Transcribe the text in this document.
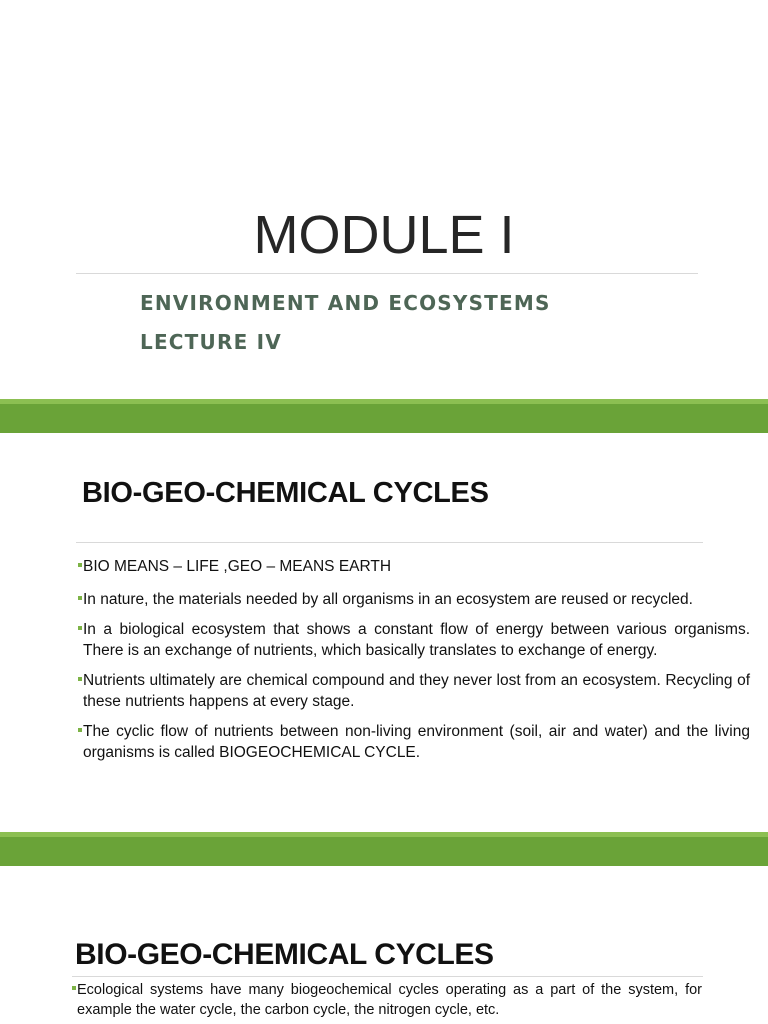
MODULE I
ENVIRONMENT AND ECOSYSTEMS
LECTURE IV
BIO-GEO-CHEMICAL CYCLES
BIO MEANS – LIFE ,GEO – MEANS EARTH
In nature, the materials needed by all organisms in an ecosystem are reused or recycled.
In a biological ecosystem that shows a constant flow of energy between various organisms. There is an exchange of nutrients, which basically translates to exchange of energy.
Nutrients ultimately are chemical compound and they never lost from an ecosystem. Recycling of these nutrients happens at every stage.
The cyclic flow of nutrients between non-living environment (soil, air and water) and the living organisms is called BIOGEOCHEMICAL CYCLE.
BIO-GEO-CHEMICAL CYCLES
Ecological systems have many biogeochemical cycles operating as a part of the system, for example the water cycle, the carbon cycle, the nitrogen cycle, etc.
